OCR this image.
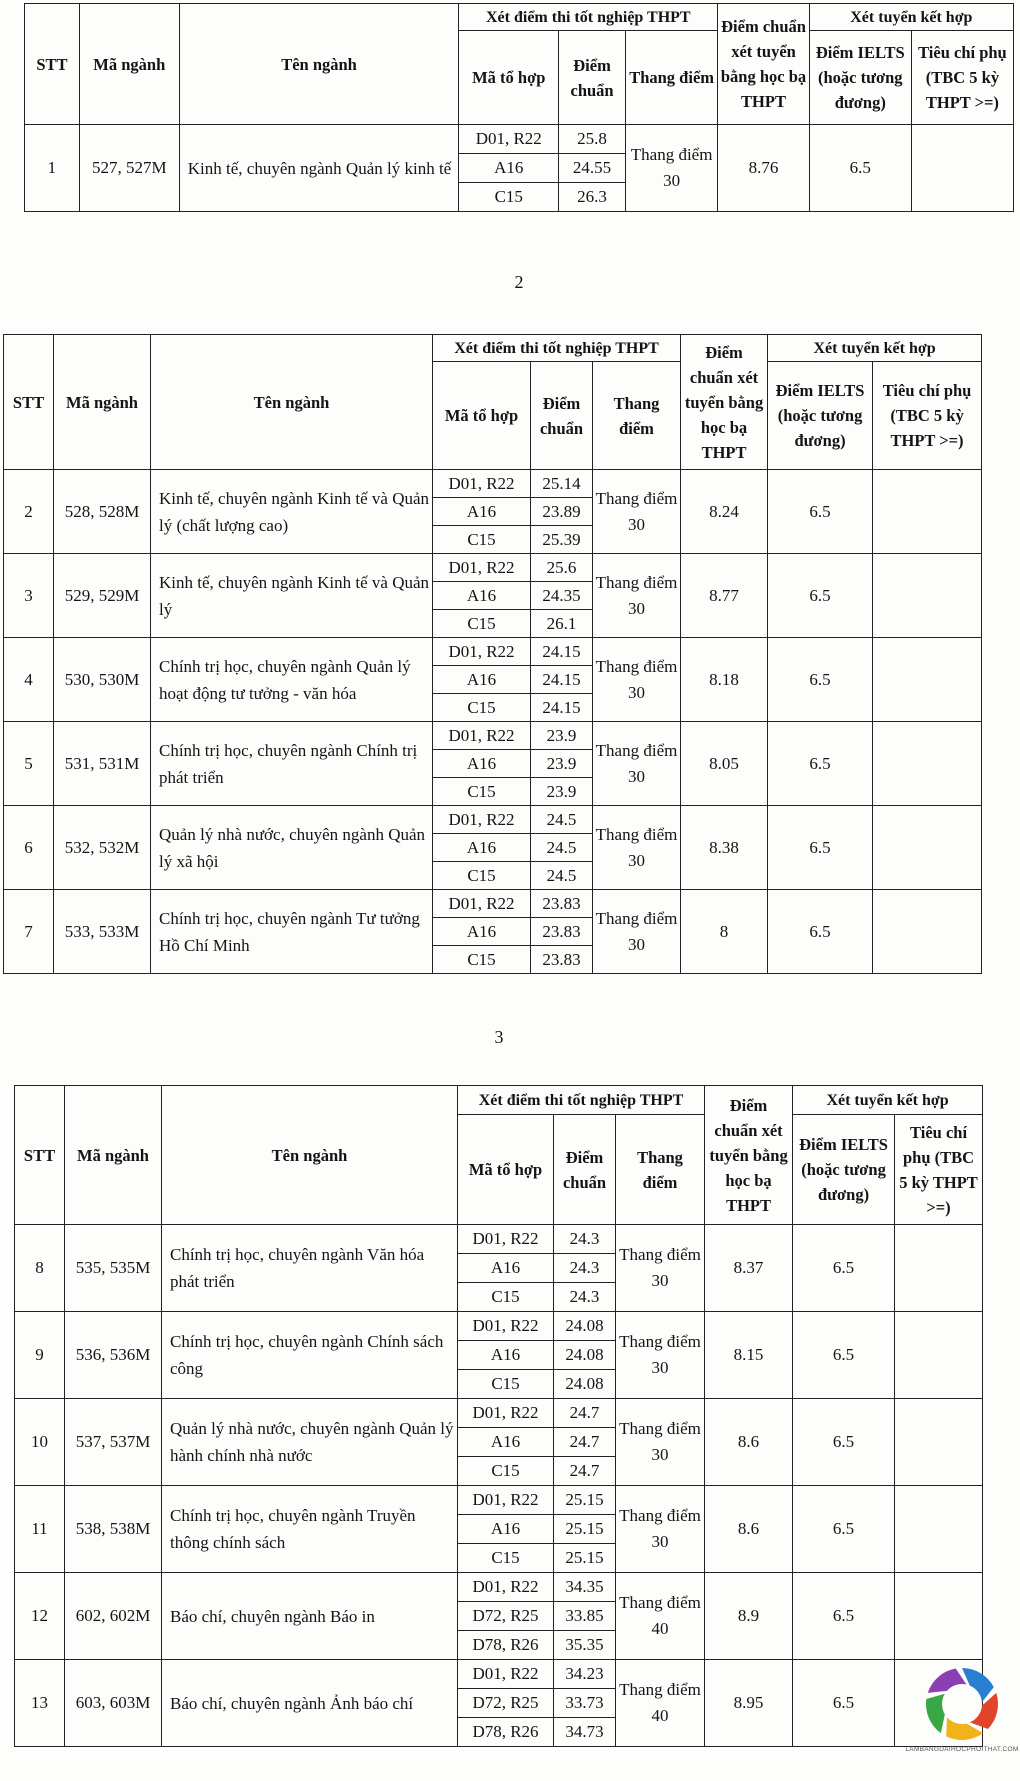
STT	Mã ngành	Tên ngành	Xét điểm thi tốt nghiệp THPT			Điểm chuẩn xét tuyển bằng học bạ THPT	Xét tuyển kết hợp	
			Mã tổ hợp	Điểm chuẩn	Thang điểm		Điểm IELTS (hoặc tương đương)	Tiêu chí phụ (TBC 5 kỳ THPT >=)
1	527, 527M	Kinh tế, chuyên ngành Quản lý kinh tế	D01, R22	25.8	Thang điểm 30	8.76	6.5	
			A16	24.55				
			C15	26.3				
2
STT	Mã ngành	Tên ngành	Xét điểm thi tốt nghiệp THPT			Điểm chuẩn xét tuyển bằng học bạ THPT	Xét tuyển kết hợp	
			Mã tổ hợp	Điểm chuẩn	Thang điểm		Điểm IELTS (hoặc tương đương)	Tiêu chí phụ (TBC 5 kỳ THPT >=)
2	528, 528M	Kinh tế, chuyên ngành Kinh tế và Quản lý (chất lượng cao)	D01, R22	25.14	Thang điểm 30	8.24	6.5	
			A16	23.89				
			C15	25.39				
3	529, 529M	Kinh tế, chuyên ngành Kinh tế và Quản lý	D01, R22	25.6	Thang điểm 30	8.77	6.5	
			A16	24.35				
			C15	26.1				
4	530, 530M	Chính trị học, chuyên ngành Quản lý hoạt động tư tưởng - văn hóa	D01, R22	24.15	Thang điểm 30	8.18	6.5	
			A16	24.15				
			C15	24.15				
5	531, 531M	Chính trị học, chuyên ngành Chính trị phát triển	D01, R22	23.9	Thang điểm 30	8.05	6.5	
			A16	23.9				
			C15	23.9				
6	532, 532M	Quản lý nhà nước, chuyên ngành Quản lý xã hội	D01, R22	24.5	Thang điểm 30	8.38	6.5	
			A16	24.5				
			C15	24.5				
7	533, 533M	Chính trị học, chuyên ngành Tư tưởng Hồ Chí Minh	D01, R22	23.83	Thang điểm 30	8	6.5	
			A16	23.83				
			C15	23.83				
3
STT	Mã ngành	Tên ngành	Xét điểm thi tốt nghiệp THPT			Điểm chuẩn xét tuyển bằng học bạ THPT	Xét tuyển kết hợp	
			Mã tổ hợp	Điểm chuẩn	Thang điểm		Điểm IELTS (hoặc tương đương)	Tiêu chí phụ (TBC 5 kỳ THPT >=)
8	535, 535M	Chính trị học, chuyên ngành Văn hóa phát triển	D01, R22	24.3	Thang điểm 30	8.37	6.5	
			A16	24.3				
			C15	24.3				
9	536, 536M	Chính trị học, chuyên ngành Chính sách công	D01, R22	24.08	Thang điểm 30	8.15	6.5	
			A16	24.08				
			C15	24.08				
10	537, 537M	Quản lý nhà nước, chuyên ngành Quản lý hành chính nhà nước	D01, R22	24.7	Thang điểm 30	8.6	6.5	
			A16	24.7				
			C15	24.7				
11	538, 538M	Chính trị học, chuyên ngành Truyền thông chính sách	D01, R22	25.15	Thang điểm 30	8.6	6.5	
			A16	25.15				
			C15	25.15				
12	602, 602M	Báo chí, chuyên ngành Báo in	D01, R22	34.35	Thang điểm 40	8.9	6.5	
			D72, R25	33.85				
			D78, R26	35.35				
13	603, 603M	Báo chí, chuyên ngành Ảnh báo chí	D01, R22	34.23	Thang điểm 40	8.95	6.5	
			D72, R25	33.73				
			D78, R26	34.73				
LAMBANGDAIHOCPHOITHAT.COM
